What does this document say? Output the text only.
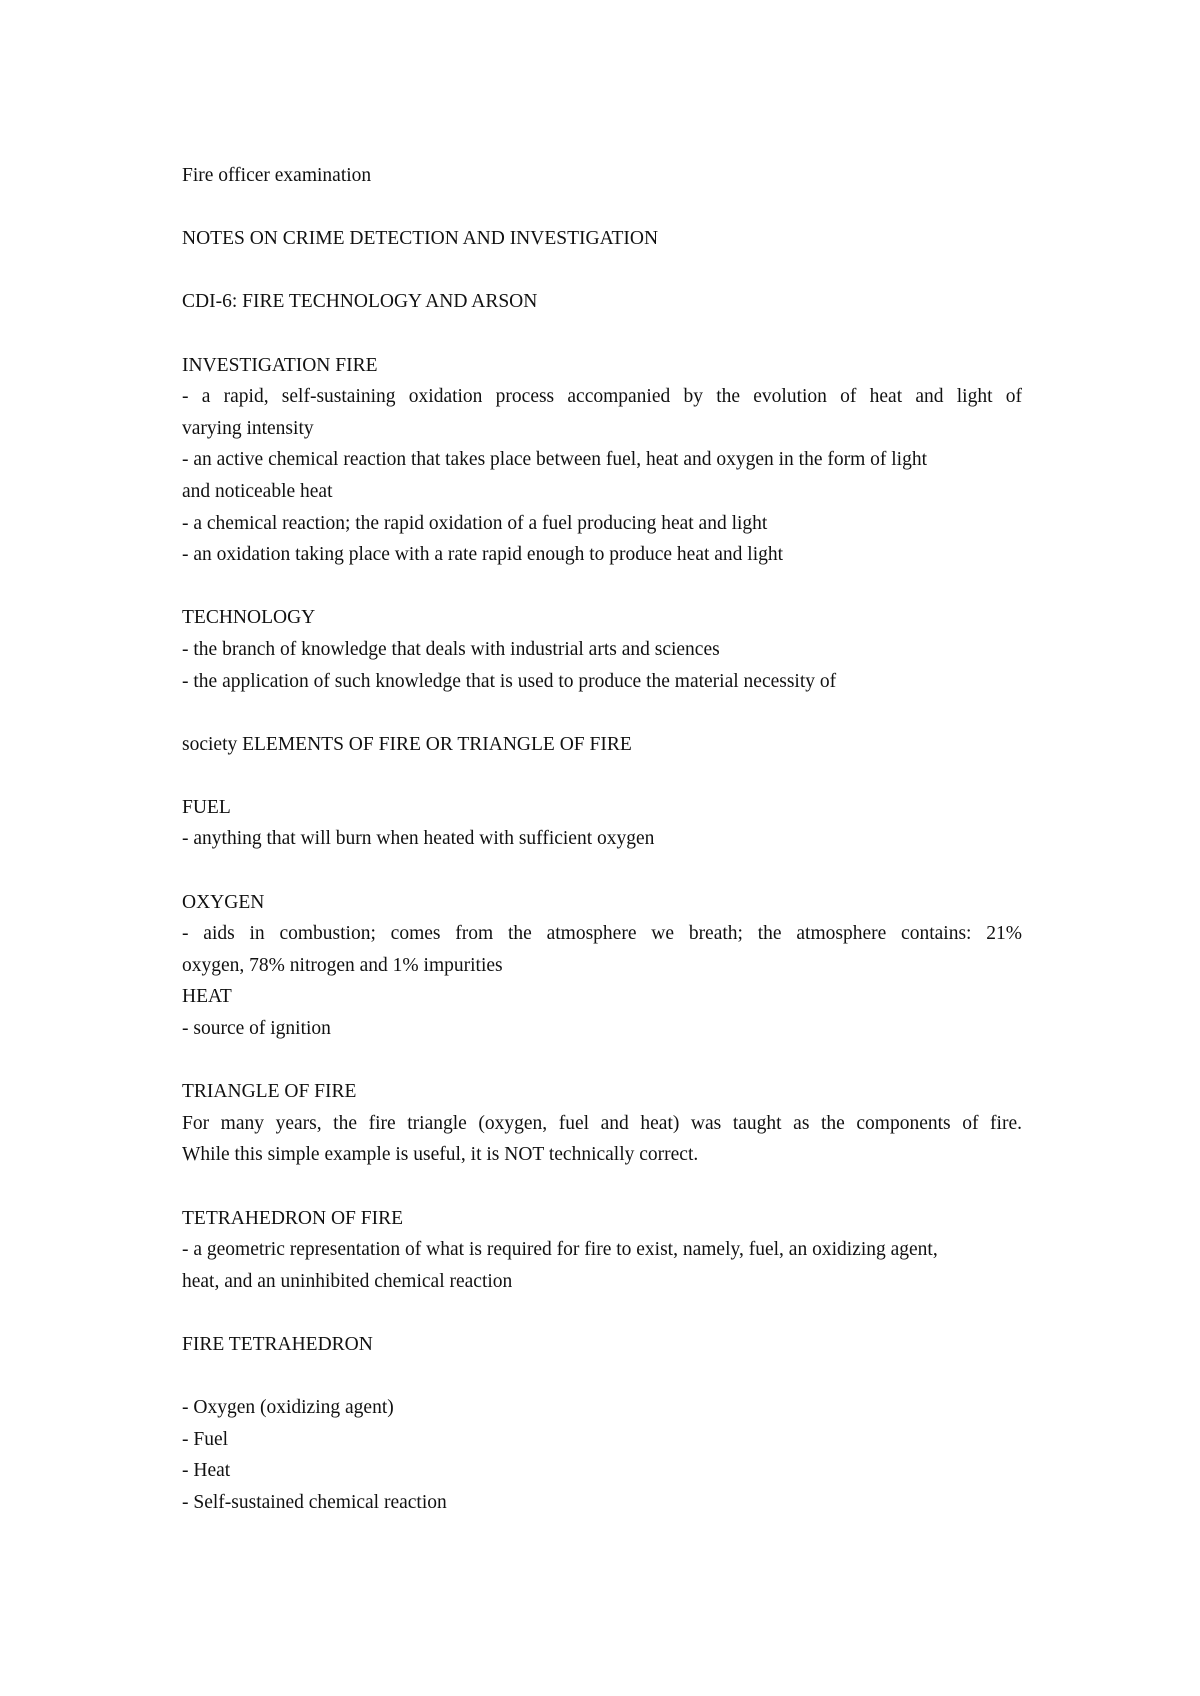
Fire officer examination
NOTES ON CRIME DETECTION AND INVESTIGATION
CDI-6: FIRE TECHNOLOGY AND ARSON
INVESTIGATION FIRE
- a rapid, self-sustaining oxidation process accompanied by the evolution of heat and light of
varying intensity
- an active chemical reaction that takes place between fuel, heat and oxygen in the form of light
and noticeable heat
- a chemical reaction; the rapid oxidation of a fuel producing heat and light
- an oxidation taking place with a rate rapid enough to produce heat and light
TECHNOLOGY
- the branch of knowledge that deals with industrial arts and sciences
- the application of such knowledge that is used to produce the material necessity of
society ELEMENTS OF FIRE OR TRIANGLE OF FIRE
FUEL
- anything that will burn when heated with sufficient oxygen
OXYGEN
- aids in combustion; comes from the atmosphere we breath; the atmosphere contains: 21%
oxygen, 78% nitrogen and 1% impurities
HEAT
- source of ignition
TRIANGLE OF FIRE
For many years, the fire triangle (oxygen, fuel and heat) was taught as the components of fire.
While this simple example is useful, it is NOT technically correct.
TETRAHEDRON OF FIRE
- a geometric representation of what is required for fire to exist, namely, fuel, an oxidizing agent,
heat, and an uninhibited chemical reaction
FIRE TETRAHEDRON
- Oxygen (oxidizing agent)
- Fuel
- Heat
- Self-sustained chemical reaction
